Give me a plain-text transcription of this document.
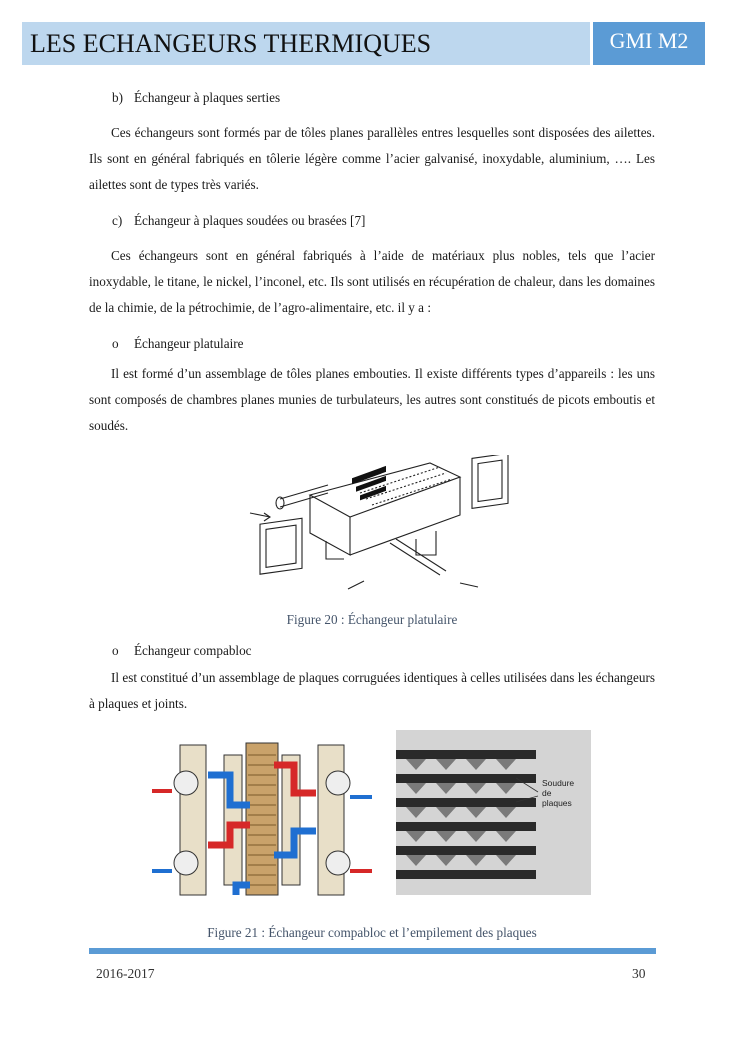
LES ECHANGEURS THERMIQUES	GMI M2

b) Échangeur à plaques serties

Ces échangeurs sont formés par de tôles planes parallèles entres lesquelles sont disposées des ailettes. Ils sont en général fabriqués en tôlerie légère comme l’acier galvanisé, inoxydable, aluminium, …. Les ailettes sont de types très variés.

c) Échangeur à plaques soudées ou brasées [7]

Ces échangeurs sont en général fabriqués à l’aide de matériaux plus nobles, tels que l’acier inoxydable, le titane, le nickel, l’inconel, etc. Ils sont utilisés en récupération de chaleur, dans les domaines de la chimie, de la pétrochimie, de l’agro-alimentaire, etc. il y a :

o Échangeur platulaire

Il est formé d’un assemblage de tôles planes embouties. Il existe différents types d’appareils : les uns sont composés de chambres planes munies de turbulateurs, les autres sont constitués de picots emboutis et soudés.

Figure 20 : Échangeur platulaire

o Échangeur compabloc

Il est constitué d’un assemblage de plaques corruguées identiques à celles utilisées dans les échangeurs à plaques et joints.

Soudure
de
plaques
Figure 21 : Échangeur compabloc et l’empilement des plaques
2016-2017	30
